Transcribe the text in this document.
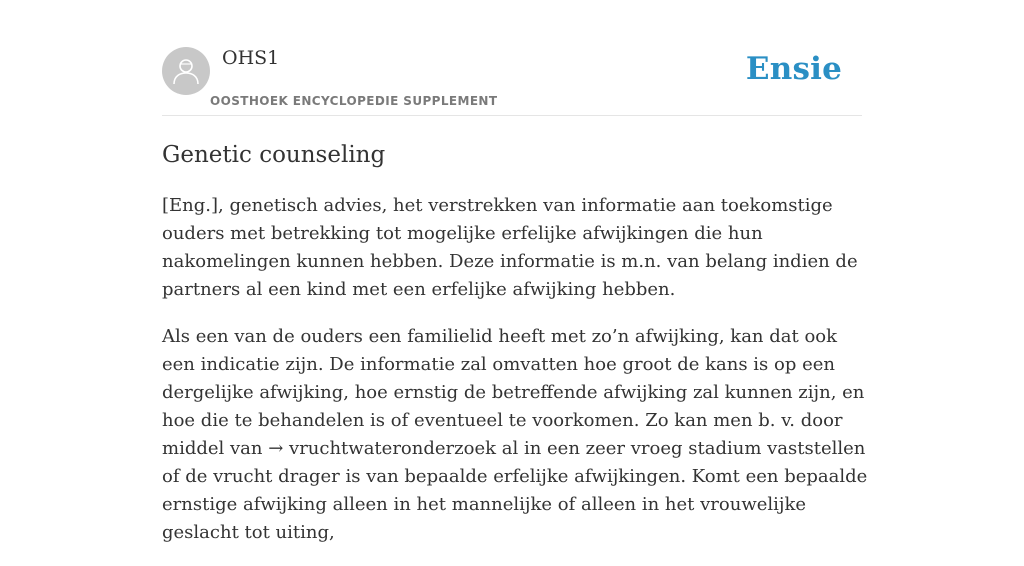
OHS1
OOSTHOEK ENCYCLOPEDIE SUPPLEMENT
Ensie
Genetic counseling

[Eng.], genetisch advies, het verstrekken van informatie aan toekomstige ouders met betrekking tot mogelijke erfelijke afwijkingen die hun nakomelingen kunnen hebben. Deze informatie is m.n. van belang indien de partners al een kind met een erfelijke afwijking hebben.

Als een van de ouders een familielid heeft met zo’n afwijking, kan dat ook een indicatie zijn. De informatie zal omvatten hoe groot de kans is op een dergelijke afwijking, hoe ernstig de betreffende afwijking zal kunnen zijn, en hoe die te behandelen is of eventueel te voorkomen. Zo kan men b. v. door middel van → vruchtwateronderzoek al in een zeer vroeg stadium vaststellen of de vrucht drager is van bepaalde erfelijke afwijkingen. Komt een bepaalde ernstige afwijking alleen in het mannelijke of alleen in het vrouwelijke geslacht tot uiting,
